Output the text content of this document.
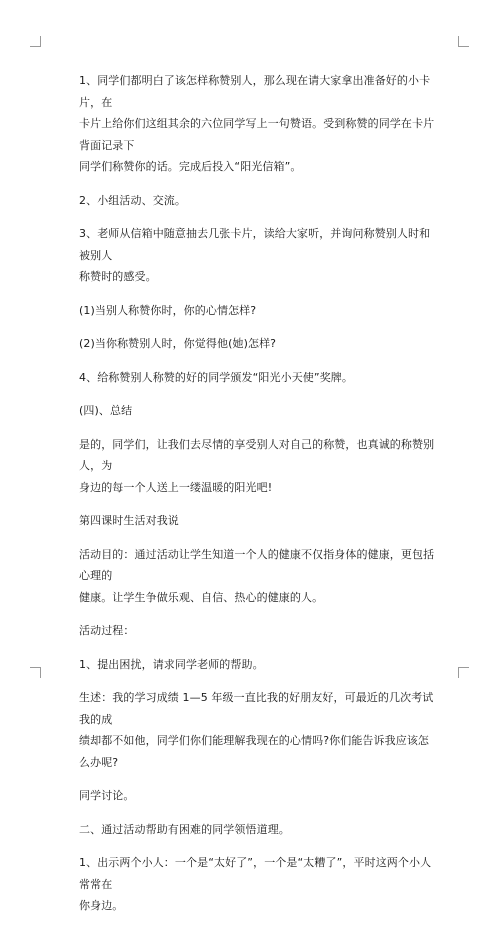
1、同学们都明白了该怎样称赞别人，那么现在请大家拿出准备好的小卡片，在
卡片上给你们这组其余的六位同学写上一句赞语。受到称赞的同学在卡片背面记录下
同学们称赞你的话。完成后投入“阳光信箱”。

2、小组活动、交流。

3、老师从信箱中随意抽去几张卡片，读给大家听，并询问称赞别人时和被别人
称赞时的感受。

(1)当别人称赞你时，你的心情怎样?

(2)当你称赞别人时，你觉得他(她)怎样?

4、给称赞别人称赞的好的同学颁发“阳光小天使”奖牌。

(四)、总结

是的，同学们，让我们去尽情的享受别人对自己的称赞，也真诚的称赞别人，为
身边的每一个人送上一缕温暖的阳光吧!

第四课时生活对我说

活动目的：通过活动让学生知道一个人的健康不仅指身体的健康，更包括心理的
健康。让学生争做乐观、自信、热心的健康的人。

活动过程：

1、提出困扰，请求同学老师的帮助。

生述：我的学习成绩 1—5 年级一直比我的好朋友好，可最近的几次考试我的成
绩却都不如他，同学们你们能理解我现在的心情吗?你们能告诉我应该怎么办呢?

同学讨论。

二、通过活动帮助有困难的同学领悟道理。

1、出示两个小人：一个是“太好了”，一个是“太糟了”，平时这两个小人常常在
你身边。
